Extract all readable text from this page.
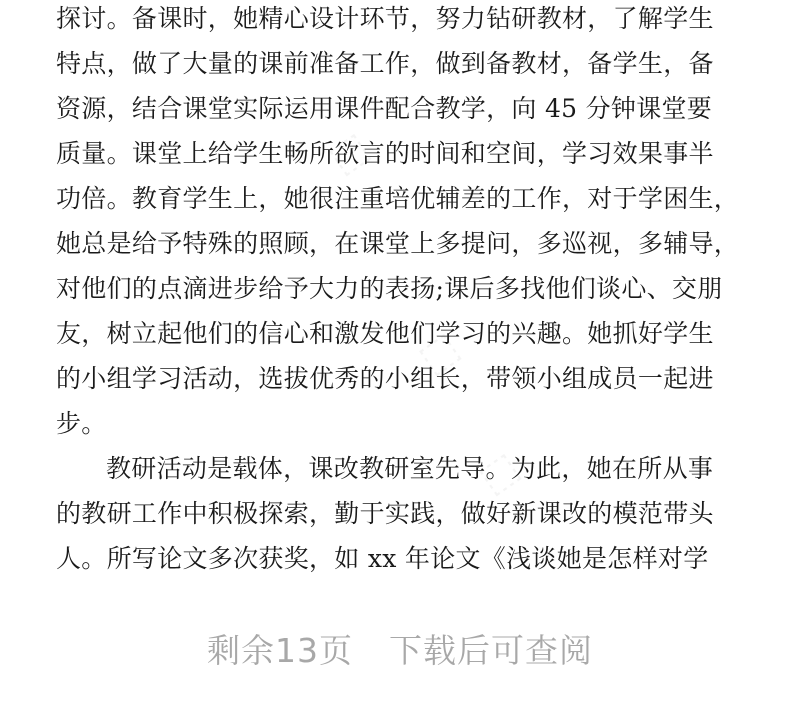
探讨。备课时，她精心设计环节，努力钻研教材，了解学生
特点，做了大量的课前准备工作，做到备教材，备学生，备
资源，结合课堂实际运用课件配合教学，向 45 分钟课堂要
质量。课堂上给学生畅所欲言的时间和空间，学习效果事半
功倍。教育学生上，她很注重培优辅差的工作，对于学困生，
她总是给予特殊的照顾，在课堂上多提问，多巡视，多辅导，
对他们的点滴进步给予大力的表扬;课后多找他们谈心、交朋
友，树立起他们的信心和激发他们学习的兴趣。她抓好学生
的小组学习活动，选拔优秀的小组长，带领小组成员一起进
步。
教研活动是载体，课改教研室先导。为此，她在所从事
的教研工作中积极探索，勤于实践，做好新课改的模范带头
人。所写论文多次获奖，如 xx 年论文《浅谈她是怎样对学
剩余13页 下载后可查阅
